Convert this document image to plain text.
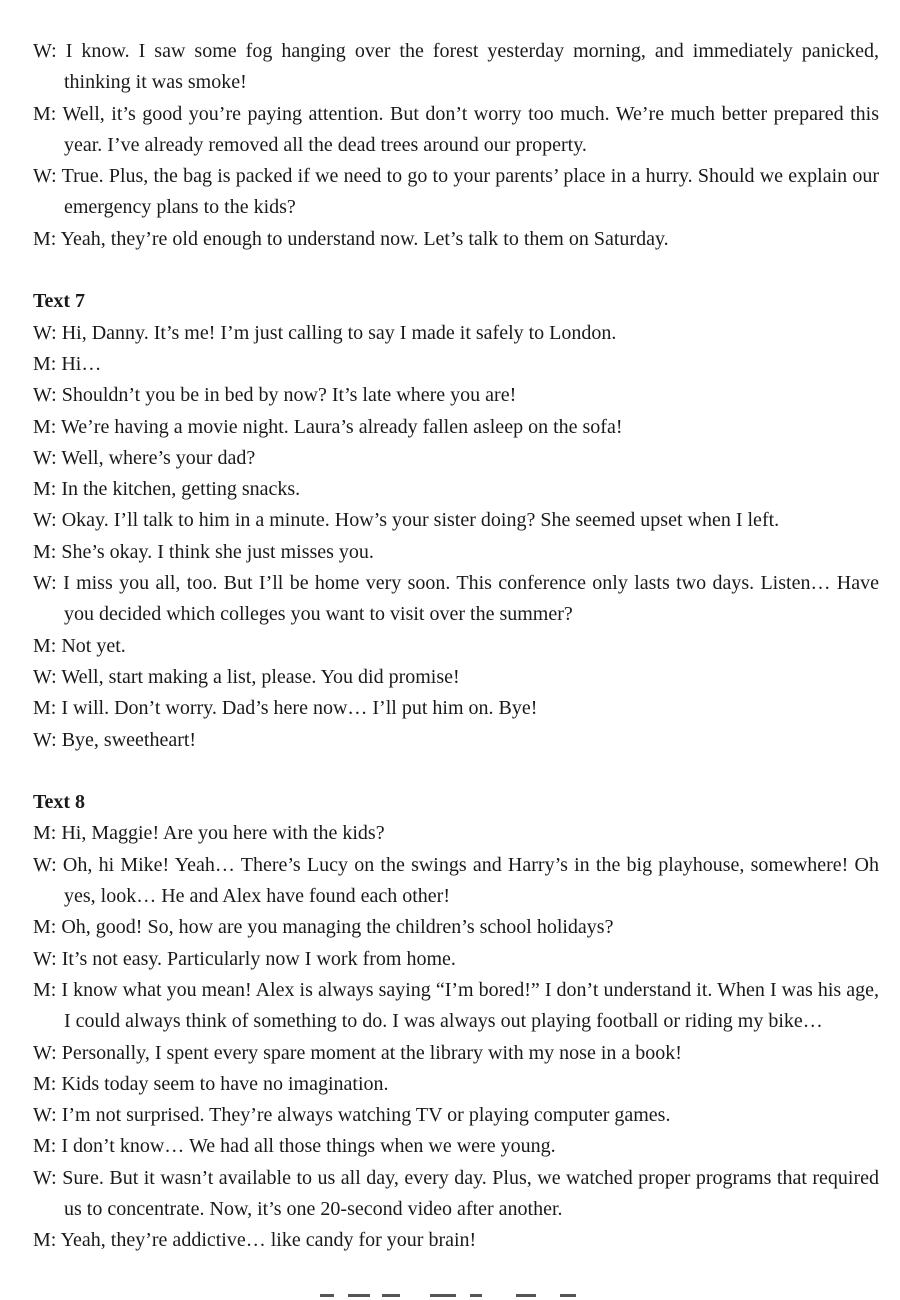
W: I know. I saw some fog hanging over the forest yesterday morning, and immediately panicked, thinking it was smoke!

M: Well, it’s good you’re paying attention. But don’t worry too much. We’re much better prepared this year. I’ve already removed all the dead trees around our property.

W: True. Plus, the bag is packed if we need to go to your parents’ place in a hurry. Should we explain our emergency plans to the kids?

M: Yeah, they’re old enough to understand now. Let’s talk to them on Saturday.

Text 7

W: Hi, Danny. It’s me! I’m just calling to say I made it safely to London.

M: Hi…

W: Shouldn’t you be in bed by now? It’s late where you are!

M: We’re having a movie night. Laura’s already fallen asleep on the sofa!

W: Well, where’s your dad?

M: In the kitchen, getting snacks.

W: Okay. I’ll talk to him in a minute. How’s your sister doing? She seemed upset when I left.

M: She’s okay. I think she just misses you.

W: I miss you all, too. But I’ll be home very soon. This conference only lasts two days. Listen… Have you decided which colleges you want to visit over the summer?

M: Not yet.

W: Well, start making a list, please. You did promise!

M: I will. Don’t worry. Dad’s here now… I’ll put him on. Bye!

W: Bye, sweetheart!

Text 8

M: Hi, Maggie! Are you here with the kids?

W: Oh, hi Mike! Yeah… There’s Lucy on the swings and Harry’s in the big playhouse, somewhere! Oh yes, look… He and Alex have found each other!

M: Oh, good! So, how are you managing the children’s school holidays?

W: It’s not easy. Particularly now I work from home.

M: I know what you mean! Alex is always saying “I’m bored!” I don’t understand it. When I was his age, I could always think of something to do. I was always out playing football or riding my bike…

W: Personally, I spent every spare moment at the library with my nose in a book!

M: Kids today seem to have no imagination.

W: I’m not surprised. They’re always watching TV or playing computer games.

M: I don’t know… We had all those things when we were young.

W: Sure. But it wasn’t available to us all day, every day. Plus, we watched proper programs that required us to concentrate. Now, it’s one 20-second video after another.

M: Yeah, they’re addictive… like candy for your brain!
